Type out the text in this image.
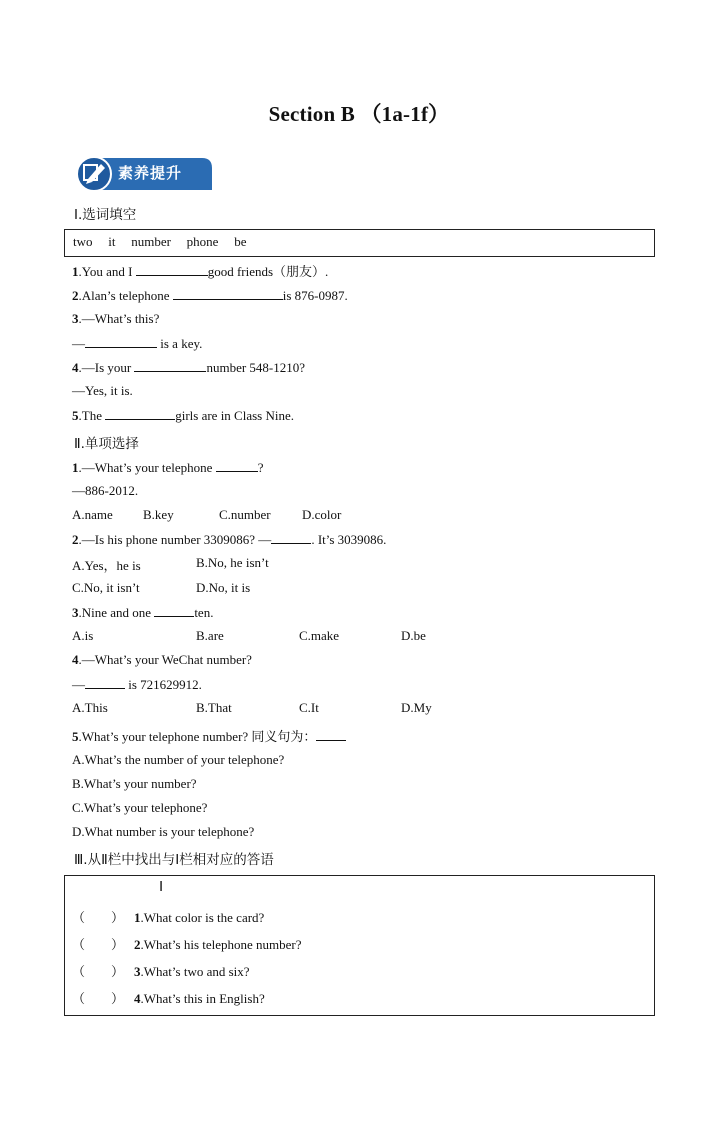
Section B （1a-1f）
素养提升
Ⅰ.选词填空
two   it   number   phone   be
1.You and I	good friends（朋友）.
2.Alan’s telephone	is 876-0987.
3.—What’s this?
—	is a key.
4.—Is your	number 548-1210?
—Yes, it is.
5.The	girls are in Class Nine.
Ⅱ.单项选择
1.—What’s your telephone	?
—886-2012.
A.name B.key	C.number D.color
2.—Is his phone number 3309086? —	. It’s 3039086.
A.Yes，he is	B.No, he isn’t
C.No, it isn’t	D.No, it is
3.Nine and one	ten.
A.is	B.are	C.make	D.be
4.—What’s your WeChat number?
—	is 721629912.
A.This	B.That	C.It	D.My
5.What’s your telephone number? 同义句为：
A.What’s the number of your telephone?
B.What’s your number?
C.What’s your telephone?
D.What number is your telephone?
Ⅲ.从Ⅱ栏中找出与Ⅰ栏相对应的答语
Ⅰ
（　　） 1.What color is the card?
（　　） 2.What’s his telephone number?
（　　） 3.What’s two and six?
（　　） 4.What’s this in English?
